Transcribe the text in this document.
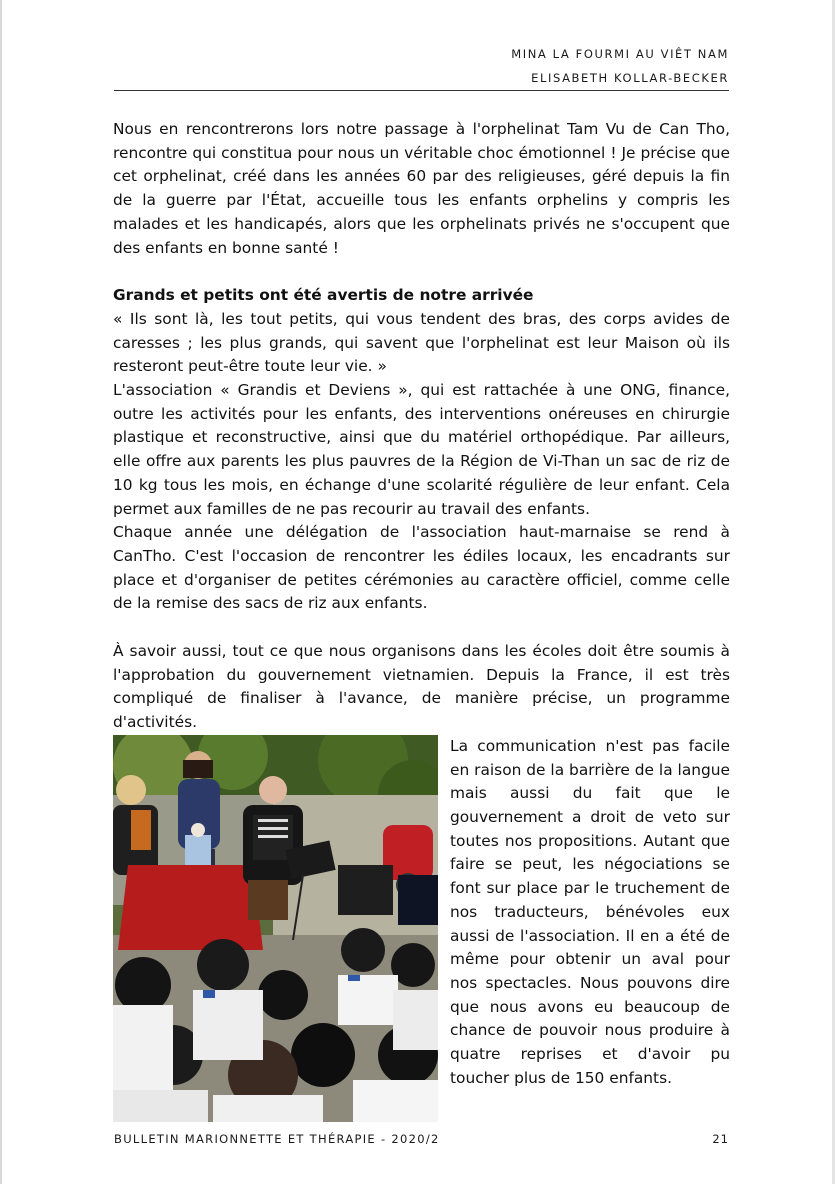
MINA LA FOURMI AU VIÊT NAM
ELISABETH KOLLAR-BECKER

Nous en rencontrerons lors notre passage à l'orphelinat Tam Vu de Can Tho, rencontre qui constitua pour nous un véritable choc émotionnel ! Je précise que cet orphelinat, créé dans les années 60 par des religieuses, géré depuis la fin de la guerre par l'État, accueille tous les enfants orphelins y compris les malades et les handicapés, alors que les orphelinats privés ne s'occupent que des enfants en bonne santé !

Grands et petits ont été avertis de notre arrivée

« Ils sont là, les tout petits, qui vous tendent des bras, des corps avides de caresses ; les plus grands, qui savent que l'orphelinat est leur Maison où ils resteront peut-être toute leur vie. »

L'association « Grandis et Deviens », qui est rattachée à une ONG, finance, outre les activités pour les enfants, des interventions onéreuses en chirurgie plastique et reconstructive, ainsi que du matériel orthopédique. Par ailleurs, elle offre aux parents les plus pauvres de la Région de Vi-Than un sac de riz de 10 kg tous les mois, en échange d'une scolarité régulière de leur enfant. Cela permet aux familles de ne pas recourir au travail des enfants.

Chaque année une délégation de l'association haut-marnaise se rend à CanTho. C'est l'occasion de rencontrer les édiles locaux, les encadrants sur place et d'organiser de petites cérémonies au caractère officiel, comme celle de la remise des sacs de riz aux enfants.

À savoir aussi, tout ce que nous organisons dans les écoles doit être soumis à l'approbation du gouvernement vietnamien. Depuis la France, il est très compliqué de finaliser à l'avance, de manière précise, un programme d'activités.

La communication n'est pas facile en raison de la barrière de la langue mais aussi du fait que le gouvernement a droit de veto sur toutes nos propositions. Autant que faire se peut, les négociations se font sur place par le truchement de nos traducteurs, bénévoles eux aussi de l'association. Il en a été de même pour obtenir un aval pour nos spectacles. Nous pouvons dire que nous avons eu beaucoup de chance de pouvoir nous produire à quatre reprises et d'avoir pu toucher plus de 150 enfants.

BULLETIN MARIONNETTE ET THÉRAPIE - 2020/2	21
